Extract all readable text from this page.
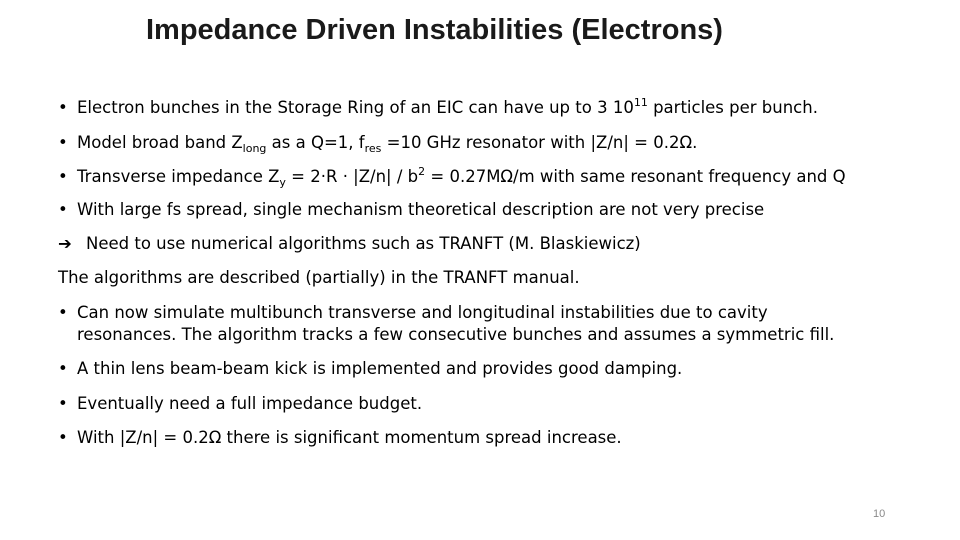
Impedance Driven Instabilities (Electrons)
• Electron bunches in the Storage Ring of an EIC can have up to 3 $10^{11}$ particles per bunch.
• Model broad band $Z_{long}$ as a Q=1, $f_{res} =10$ GHz resonator with |Z/n| = 0.2Ω.
• Transverse impedance $Z_y = 2\cdot R \cdot |Z/n| / b^2 = 0.27M\Omega/m$ with same resonant frequency and Q
• With large fs spread, single mechanism theoretical description are not very precise
➔ Need to use numerical algorithms such as TRANFT (M. Blaskiewicz)
The algorithms are described (partially) in the TRANFT manual.
• Can now simulate multibunch transverse and longitudinal instabilities due to cavity
resonances. The algorithm tracks a few consecutive bunches and assumes a symmetric fill.
• A thin lens beam-beam kick is implemented and provides good damping.
• Eventually need a full impedance budget.
• With |Z/n| = 0.2Ω there is significant momentum spread increase.
10
